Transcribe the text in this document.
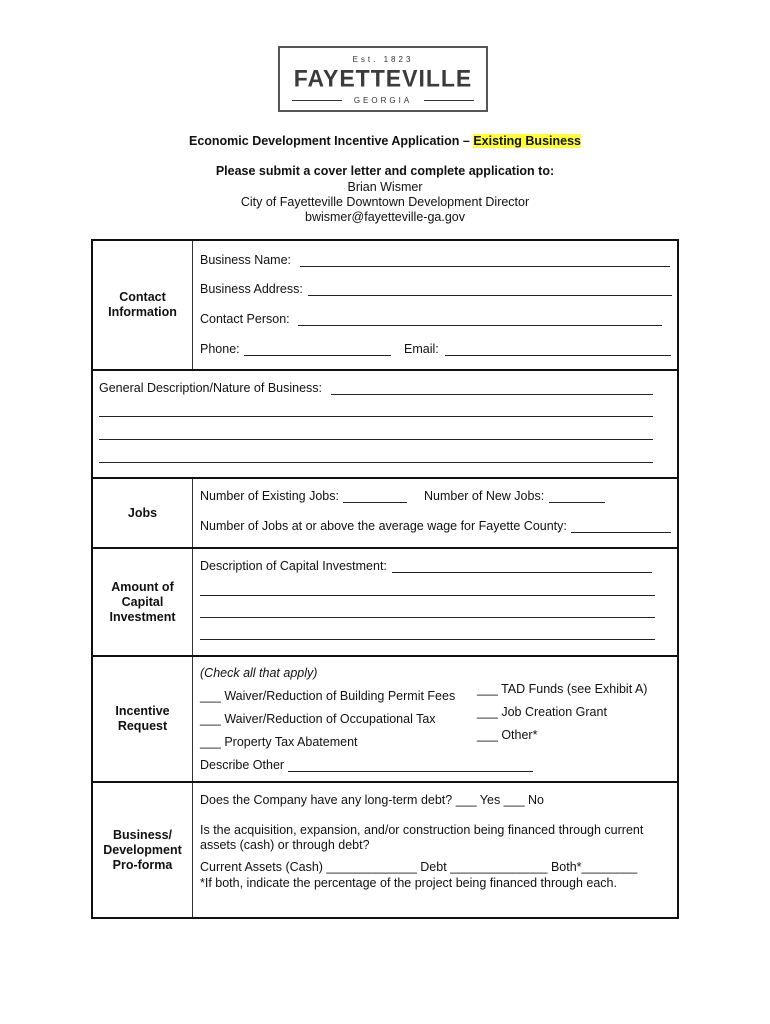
Est. 1823
FAYETTEVILLE
GEORGIA
Economic Development Incentive Application – Existing Business
Please submit a cover letter and complete application to:
Brian Wismer
City of Fayetteville Downtown Development Director
bwismer@fayetteville-ga.gov
Contact Information
Business Name:
Business Address:
Contact Person:
Phone:	Email:
General Description/Nature of Business:
Jobs
Number of Existing Jobs:	Number of New Jobs:
Number of Jobs at or above the average wage for Fayette County:
Amount of Capital Investment
Description of Capital Investment:
Incentive Request
(Check all that apply)
___ Waiver/Reduction of Building Permit Fees
___ Waiver/Reduction of Occupational Tax
___ Property Tax Abatement
___ TAD Funds (see Exhibit A)
___ Job Creation Grant
___ Other*
Describe Other
Business/ Development Pro-forma
Does the Company have any long-term debt? ___ Yes ___ No
Is the acquisition, expansion, and/or construction being financed through current
assets (cash) or through debt?
Current Assets (Cash) _____________ Debt ______________ Both*________
*If both, indicate the percentage of the project being financed through each.
